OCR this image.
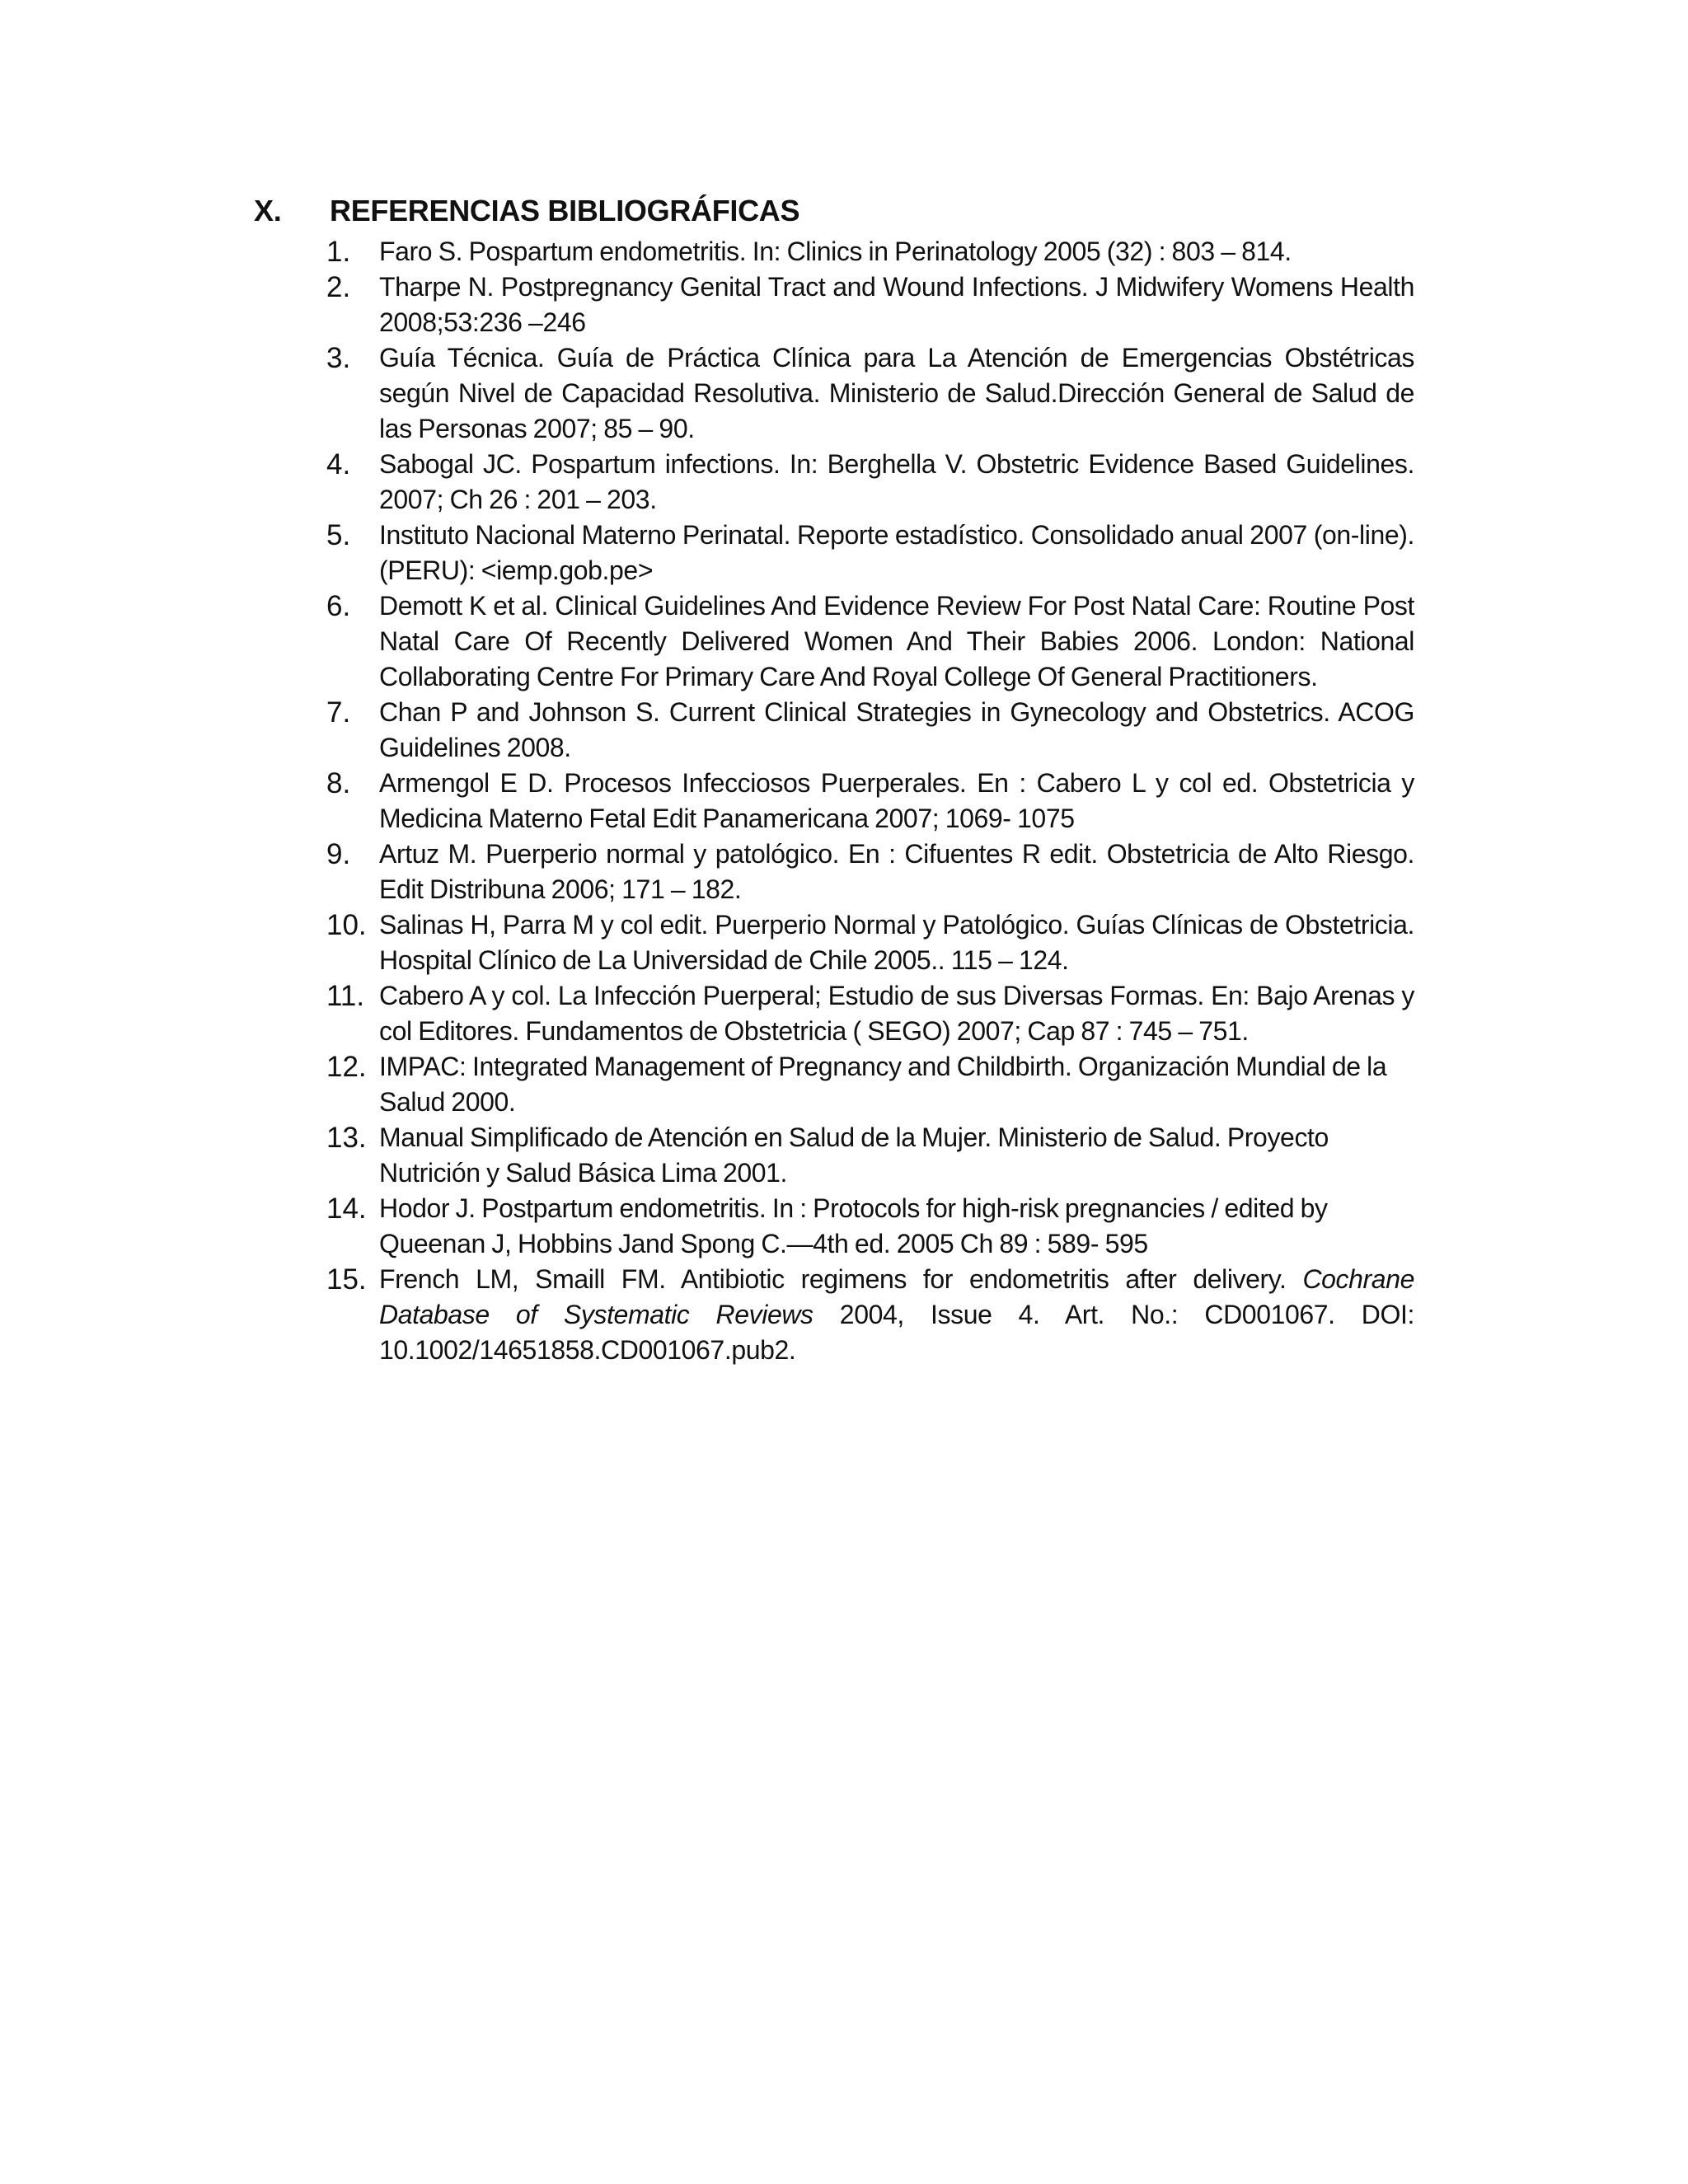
X. REFERENCIAS BIBLIOGRÁFICAS
1. Faro S. Pospartum endometritis. In: Clinics in Perinatology 2005 (32) : 803 – 814.
2. Tharpe N. Postpregnancy Genital Tract and Wound Infections. J Midwifery Womens Health 2008;53:236 –246
3. Guía Técnica. Guía de Práctica Clínica para La Atención de Emergencias Obstétricas según Nivel de Capacidad Resolutiva. Ministerio de Salud.Dirección General de Salud de las Personas 2007; 85 – 90.
4. Sabogal JC. Pospartum infections. In: Berghella V. Obstetric Evidence Based Guidelines. 2007; Ch 26 : 201 – 203.
5. Instituto Nacional Materno Perinatal. Reporte estadístico. Consolidado anual 2007 (on-line). (PERU): <iemp.gob.pe>
6. Demott K et al. Clinical Guidelines And Evidence Review For Post Natal Care: Routine Post Natal Care Of Recently Delivered Women And Their Babies 2006. London: National Collaborating Centre For Primary Care And Royal College Of General Practitioners.
7. Chan P and Johnson S. Current Clinical Strategies in Gynecology and Obstetrics. ACOG Guidelines 2008.
8. Armengol E D. Procesos Infecciosos Puerperales. En : Cabero L y col ed. Obstetricia y Medicina Materno Fetal Edit Panamericana 2007; 1069- 1075
9. Artuz M. Puerperio normal y patológico. En : Cifuentes R edit. Obstetricia de Alto Riesgo. Edit Distribuna 2006; 171 – 182.
10. Salinas H, Parra M y col edit. Puerperio Normal y Patológico. Guías Clínicas de Obstetricia. Hospital Clínico de La Universidad de Chile 2005.. 115 – 124.
11. Cabero A y col. La Infección Puerperal; Estudio de sus Diversas Formas. En: Bajo Arenas y col Editores. Fundamentos de Obstetricia ( SEGO) 2007; Cap 87 : 745 – 751.
12. IMPAC: Integrated Management of Pregnancy and Childbirth. Organización Mundial de la Salud 2000.
13. Manual Simplificado de Atención en Salud de la Mujer. Ministerio de Salud. Proyecto Nutrición y Salud Básica Lima 2001.
14. Hodor J. Postpartum endometritis. In : Protocols for high-risk pregnancies / edited by Queenan J, Hobbins Jand Spong C.—4th ed. 2005 Ch 89 : 589- 595
15. French LM, Smaill FM. Antibiotic regimens for endometritis after delivery. Cochrane Database of Systematic Reviews 2004, Issue 4. Art. No.: CD001067. DOI: 10.1002/14651858.CD001067.pub2.
